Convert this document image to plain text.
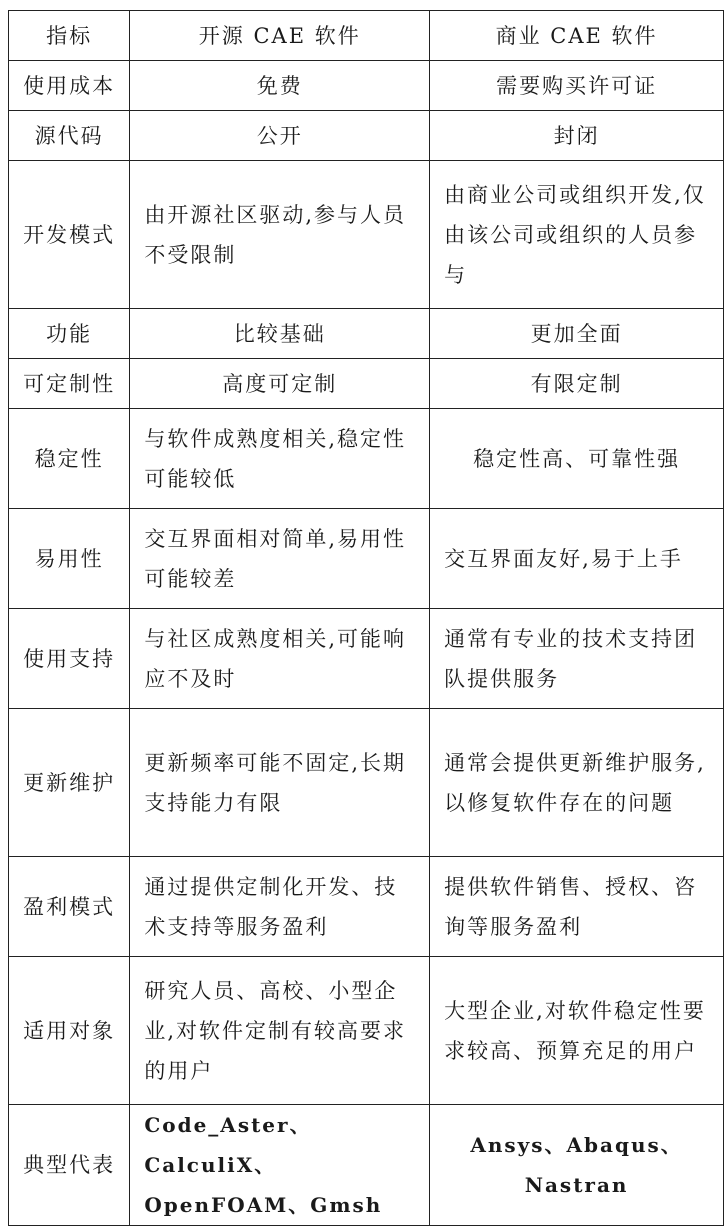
指标	开源 CAE 软件	商业 CAE 软件
使用成本	免费	需要购买许可证
源代码	公开	封闭
开发模式	由开源社区驱动,参与人员不受限制	由商业公司或组织开发,仅由该公司或组织的人员参与
功能	比较基础	更加全面
可定制性	高度可定制	有限定制
稳定性	与软件成熟度相关,稳定性可能较低	稳定性高、可靠性强
易用性	交互界面相对简单,易用性可能较差	交互界面友好,易于上手
使用支持	与社区成熟度相关,可能响应不及时	通常有专业的技术支持团队提供服务
更新维护	更新频率可能不固定,长期支持能力有限	通常会提供更新维护服务,以修复软件存在的问题
盈利模式	通过提供定制化开发、技术支持等服务盈利	提供软件销售、授权、咨询等服务盈利
适用对象	研究人员、高校、小型企业,对软件定制有较高要求的用户	大型企业,对软件稳定性要求较高、预算充足的用户
典型代表	Code_Aster、CalculiX、OpenFOAM、Gmsh	Ansys、Abaqus、Nastran
